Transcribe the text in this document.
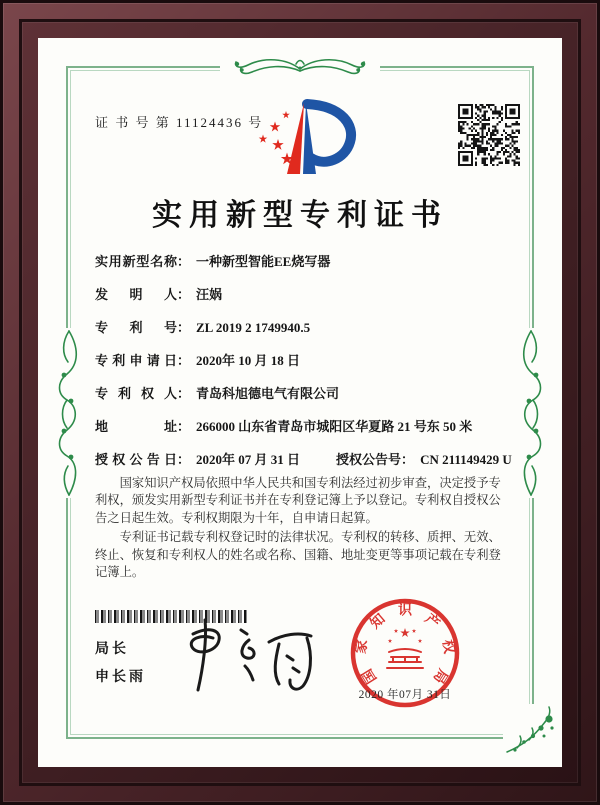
证 书 号 第 11124436 号
实用新型专利证书
实用新型名称： 一种新型智能EE烧写器
发明人： 汪娲
专利号： ZL 2019 2 1749940.5
专利申请日： 2020年 10 月 18 日
专利权人： 青岛科旭德电气有限公司
地址： 266000 山东省青岛市城阳区华夏路 21 号东 50 米
授权公告日： 2020年 07 月 31 日	授权公告号： CN 211149429 U

国家知识产权局依照中华人民共和国专利法经过初步审查，决定授予专利权，颁发实用新型专利证书并在专利登记簿上予以登记。专利权自授权公告之日起生效。专利权期限为十年，自申请日起算。

专利证书记载专利权登记时的法律状况。专利权的转移、质押、无效、终止、恢复和专利权人的姓名或名称、国籍、地址变更等事项记载在专利登记簿上。

局长
申长雨	国
家
知
识
产
权
局
2020 年07月 31日
